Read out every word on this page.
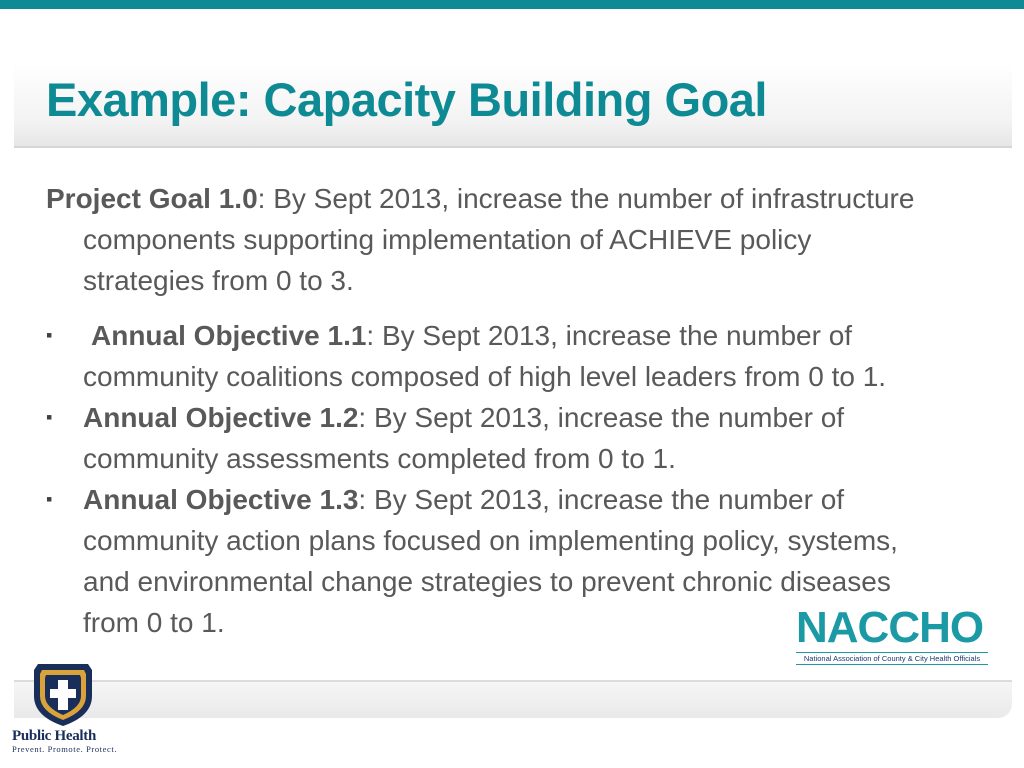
Example: Capacity Building Goal

Project Goal 1.0: By Sept 2013, increase the number of infrastructure components supporting implementation of ACHIEVE policy strategies from 0 to 3.

▪ Annual Objective 1.1: By Sept 2013, increase the number of community coalitions composed of high level leaders from 0 to 1.
▪ Annual Objective 1.2: By Sept 2013, increase the number of community assessments completed from 0 to 1.
▪ Annual Objective 1.3: By Sept 2013, increase the number of community action plans focused on implementing policy, systems, and environmental change strategies to prevent chronic diseases from 0 to 1.	NACCHO
National Association of County & City Health Officials
Public Health
Prevent. Promote. Protect.
